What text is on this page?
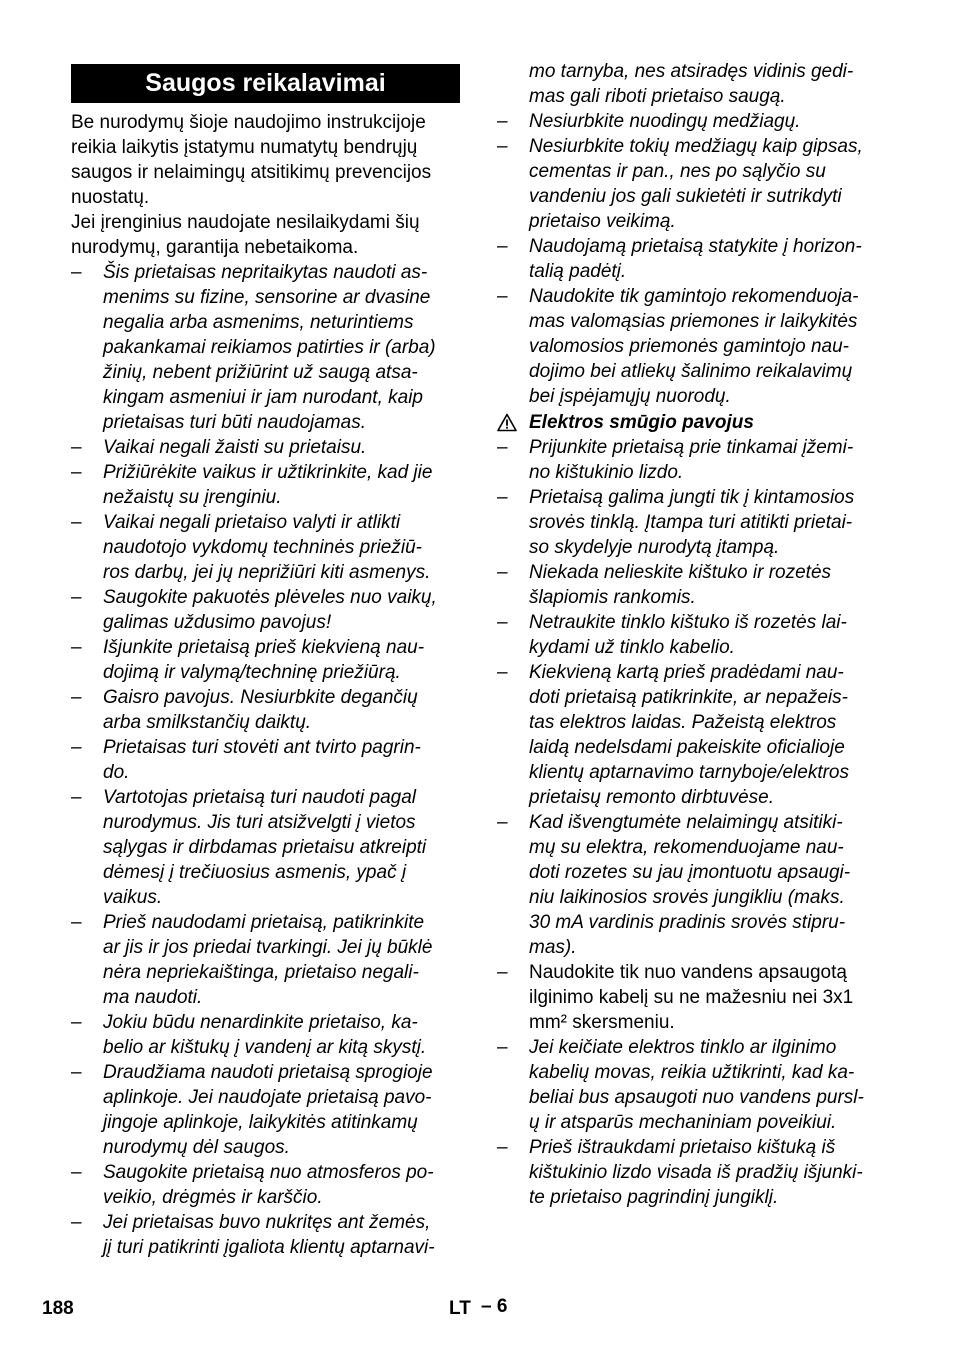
Saugos reikalavimai
Be nurodymų šioje naudojimo instrukcijoje
reikia laikytis įstatymu numatytų bendrųjų
saugos ir nelaimingų atsitikimų prevencijos
nuostatų.
Jei įrenginius naudojate nesilaikydami šių
nurodymų, garantija nebetaikoma.
–	Šis prietaisas nepritaikytas naudoti as-
menims su fizine, sensorine ar dvasine
negalia arba asmenims, neturintiems
pakankamai reikiamos patirties ir (arba)
žinių, nebent prižiūrint už saugą atsa-
kingam asmeniui ir jam nurodant, kaip
prietaisas turi būti naudojamas.
–	Vaikai negali žaisti su prietaisu.
–	Prižiūrėkite vaikus ir užtikrinkite, kad jie
nežaistų su įrenginiu.
–	Vaikai negali prietaiso valyti ir atlikti
naudotojo vykdomų techninės priežiū-
ros darbų, jei jų neprižiūri kiti asmenys.
–	Saugokite pakuotės plėveles nuo vaikų,
galimas uždusimo pavojus!
–	Išjunkite prietaisą prieš kiekvieną nau-
dojimą ir valymą/techninę priežiūrą.
–	Gaisro pavojus. Nesiurbkite degančių
arba smilkstančių daiktų.
–	Prietaisas turi stovėti ant tvirto pagrin-
do.
–	Vartotojas prietaisą turi naudoti pagal
nurodymus. Jis turi atsižvelgti į vietos
sąlygas ir dirbdamas prietaisu atkreipti
dėmesį į trečiuosius asmenis, ypač į
vaikus.
–	Prieš naudodami prietaisą, patikrinkite
ar jis ir jos priedai tvarkingi. Jei jų būklė
nėra nepriekaištinga, prietaiso negali-
ma naudoti.
–	Jokiu būdu nenardinkite prietaiso, ka-
belio ar kištukų į vandenį ar kitą skystį.
–	Draudžiama naudoti prietaisą sprogioje
aplinkoje. Jei naudojate prietaisą pavo-
jingoje aplinkoje, laikykitės atitinkamų
nurodymų dėl saugos.
–	Saugokite prietaisą nuo atmosferos po-
veikio, drėgmės ir karščio.
–	Jei prietaisas buvo nukritęs ant žemės,
jį turi patikrinti įgaliota klientų aptarnavi-
mo tarnyba, nes atsiradęs vidinis gedi-
mas gali riboti prietaiso saugą.
–	Nesiurbkite nuodingų medžiagų.
–	Nesiurbkite tokių medžiagų kaip gipsas,
cementas ir pan., nes po sąlyčio su
vandeniu jos gali sukietėti ir sutrikdyti
prietaiso veikimą.
–	Naudojamą prietaisą statykite į horizon-
talią padėtį.
–	Naudokite tik gamintojo rekomenduoja-
mas valomąsias priemones ir laikykitės
valomosios priemonės gamintojo nau-
dojimo bei atliekų šalinimo reikalavimų
bei įspėjamųjų nuorodų.
Elektros smūgio pavojus
–	Prijunkite prietaisą prie tinkamai įžemi-
no kištukinio lizdo.
–	Prietaisą galima jungti tik į kintamosios
srovės tinklą. Įtampa turi atitikti prietai-
so skydelyje nurodytą įtampą.
–	Niekada nelieskite kištuko ir rozetės
šlapiomis rankomis.
–	Netraukite tinklo kištuko iš rozetės lai-
kydami už tinklo kabelio.
–	Kiekvieną kartą prieš pradėdami nau-
doti prietaisą patikrinkite, ar nepažeis-
tas elektros laidas. Pažeistą elektros
laidą nedelsdami pakeiskite oficialioje
klientų aptarnavimo tarnyboje/elektros
prietaisų remonto dirbtuvėse.
–	Kad išvengtumėte nelaimingų atsitiki-
mų su elektra, rekomenduojame nau-
doti rozetes su jau įmontuotu apsaugi-
niu laikinosios srovės jungikliu (maks.
30 mA vardinis pradinis srovės stipru-
mas).
–	Naudokite tik nuo vandens apsaugotą
ilginimo kabelį su ne mažesniu nei 3x1
mm² skersmeniu.
–	Jei keičiate elektros tinklo ar ilginimo
kabelių movas, reikia užtikrinti, kad ka-
beliai bus apsaugoti nuo vandens pursl-
ų ir atsparūs mechaniniam poveikiui.
–	Prieš ištraukdami prietaiso kištuką iš
kištukinio lizdo visada iš pradžių išjunki-
te prietaiso pagrindinį jungiklį.
188	LT – 6
